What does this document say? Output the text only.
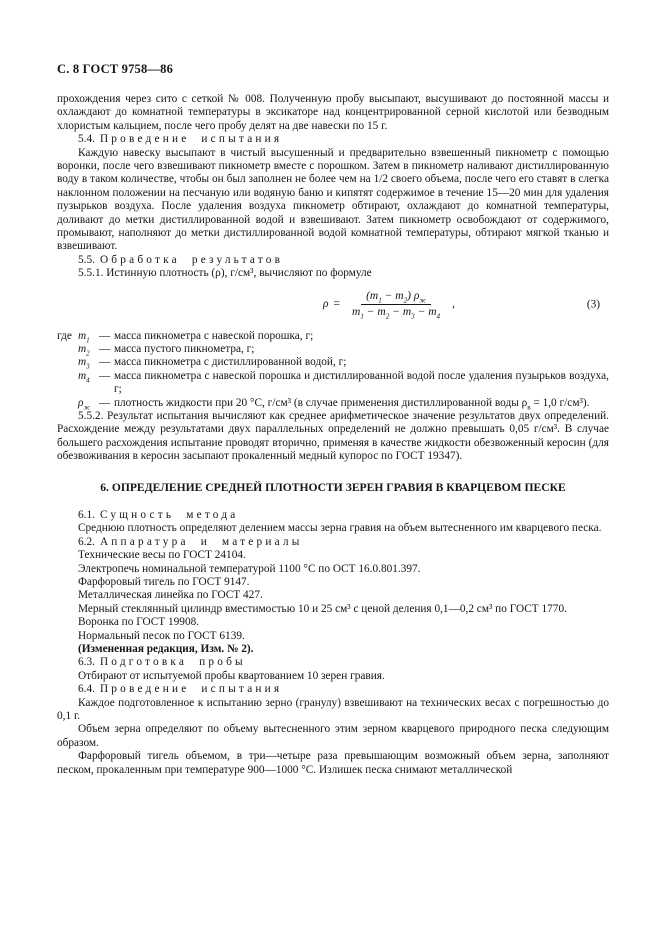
С. 8 ГОСТ 9758—86

прохождения через сито с сеткой № 008. Полученную пробу высыпают, высушивают до постоянной массы и охлаждают до комнатной температуры в эксикаторе над концентрированной серной кислотой или безводным хлористым кальцием, после чего пробу делят на две навески по 15 г.

5.4. Проведение испытания

Каждую навеску высыпают в чистый высушенный и предварительно взвешенный пикнометр с помощью воронки, после чего взвешивают пикнометр вместе с порошком. Затем в пикнометр наливают дистиллированную воду в таком количестве, чтобы он был заполнен не более чем на 1/2 своего объема, после чего его ставят в слегка наклонном положении на песчаную или водяную баню и кипятят содержимое в течение 15—20 мин для удаления пузырьков воздуха. После удаления воздуха пикнометр обтирают, охлаждают до комнатной температуры, доливают до метки дистиллированной водой и взвешивают. Затем пикнометр освобождают от содержимого, промывают, наполняют до метки дистиллированной водой комнатной температуры, обтирают мягкой тканью и взвешивают.

5.5. Обработка результатов

5.5.1. Истинную плотность (ρ), г/см³, вычисляют по формуле

$\rho = \frac{(m_1 - m_2) \rho_ж}{m_1 - m_2 - m_3 - m_4}$ ,	(3)
где $m_1$ — масса пикнометра с навеской порошка, г;
$m_2$ — масса пустого пикнометра, г;
$m_3$ — масса пикнометра с дистиллированной водой, г;
$m_4$ — масса пикнометра с навеской порошка и дистиллированной водой после удаления пузырьков воздуха, г;
$\rho_ж$ — плотность жидкости при 20 °С, г/см³ (в случае применения дистиллированной воды $\rho_в = 1,0$ г/см³).

5.5.2. Результат испытания вычисляют как среднее арифметическое значение результатов двух определений. Расхождение между результатами двух параллельных определений не должно превышать 0,05 г/см³. В случае большего расхождения испытание проводят вторично, применяя в качестве жидкости обезвоженный керосин (для обезвоживания в керосин засыпают прокаленный медный купорос по ГОСТ 19347).

6. ОПРЕДЕЛЕНИЕ СРЕДНЕЙ ПЛОТНОСТИ ЗЕРЕН ГРАВИЯ В КВАРЦЕВОМ ПЕСКЕ

6.1. Сущность метода

Среднюю плотность определяют делением массы зерна гравия на объем вытесненного им кварцевого песка.

6.2. Аппаратура и материалы

Технические весы по ГОСТ 24104.

Электропечь номинальной температурой 1100 °С по ОСТ 16.0.801.397.

Фарфоровый тигель по ГОСТ 9147.

Металлическая линейка по ГОСТ 427.

Мерный стеклянный цилиндр вместимостью 10 и 25 см³ с ценой деления 0,1—0,2 см³ по ГОСТ 1770.

Воронка по ГОСТ 19908.

Нормальный песок по ГОСТ 6139.

(Измененная редакция, Изм. № 2).

6.3. Подготовка пробы

Отбирают от испытуемой пробы квартованием 10 зерен гравия.

6.4. Проведение испытания

Каждое подготовленное к испытанию зерно (гранулу) взвешивают на технических весах с погрешностью до 0,1 г.

Объем зерна определяют по объему вытесненного этим зерном кварцевого природного песка следующим образом.

Фарфоровый тигель объемом, в три—четыре раза превышающим возможный объем зерна, заполняют песком, прокаленным при температуре 900—1000 °С. Излишек песка снимают металлической
